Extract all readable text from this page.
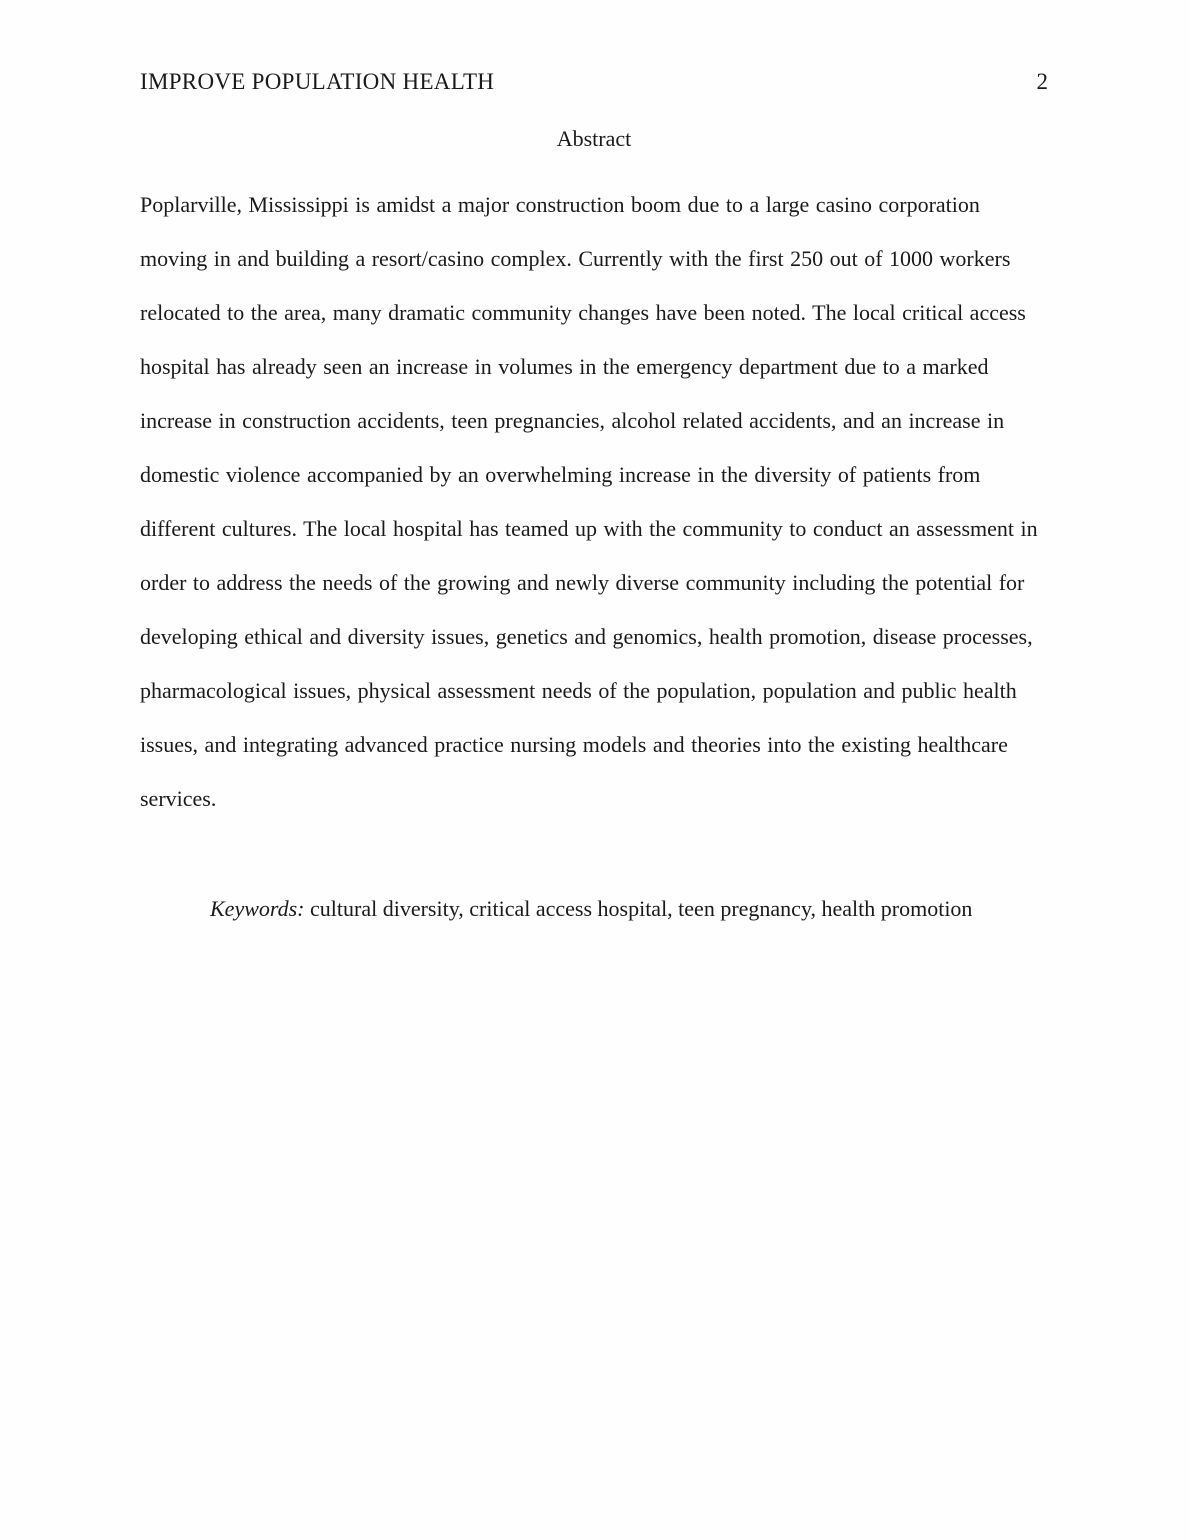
IMPROVE POPULATION HEALTH	2
Abstract

Poplarville, Mississippi is amidst a major construction boom due to a large casino corporation moving in and building a resort/casino complex. Currently with the first 250 out of 1000 workers relocated to the area, many dramatic community changes have been noted. The local critical access hospital has already seen an increase in volumes in the emergency department due to a marked increase in construction accidents, teen pregnancies, alcohol related accidents, and an increase in domestic violence accompanied by an overwhelming increase in the diversity of patients from different cultures. The local hospital has teamed up with the community to conduct an assessment in order to address the needs of the growing and newly diverse community including the potential for developing ethical and diversity issues, genetics and genomics, health promotion, disease processes, pharmacological issues, physical assessment needs of the population, population and public health issues, and integrating advanced practice nursing models and theories into the existing healthcare services.

Keywords: cultural diversity, critical access hospital, teen pregnancy, health promotion
